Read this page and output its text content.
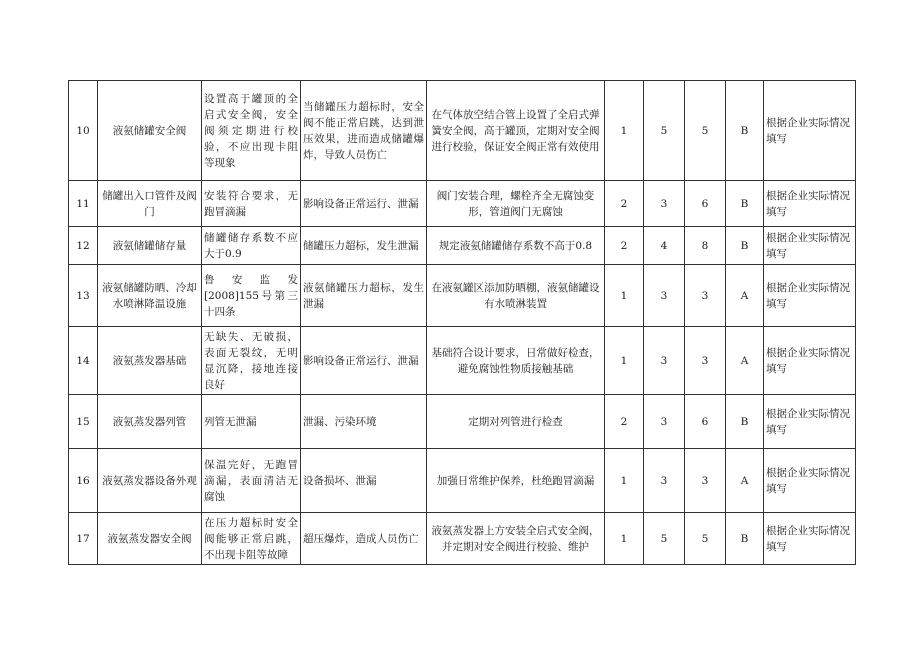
10	液氨储罐安全阀	设置高于罐顶的全启式安全阀，安全阀须定期进行校验，不应出现卡阻等现象	当储罐压力超标时，安全阀不能正常启跳，达到泄压效果，进而造成储罐爆炸，导致人员伤亡	在气体放空结合管上设置了全启式弹簧安全阀，高于罐顶，定期对安全阀进行校验，保证安全阀正常有效使用	1	5	5	B	根据企业实际情况填写
11	储罐出入口管件及阀门	安装符合要求，无跑冒滴漏	影响设备正常运行、泄漏	阀门安装合理，螺栓齐全无腐蚀变形，管道阀门无腐蚀	2	3	6	B	根据企业实际情况填写
12	液氨储罐储存量	储罐储存系数不应大于0.9	储罐压力超标，发生泄漏	规定液氨储罐储存系数不高于0.8	2	4	8	B	根据企业实际情况填写
13	液氨储罐防晒、冷却水喷淋降温设施	鲁安监发[2008]155号第三十四条	液氨储罐压力超标，发生泄漏	在液氨罐区添加防晒棚，液氨储罐设有水喷淋装置	1	3	3	A	根据企业实际情况填写
14	液氨蒸发器基础	无缺失、无破损，表面无裂纹，无明显沉降，接地连接良好	影响设备正常运行、泄漏	基础符合设计要求，日常做好检查，避免腐蚀性物质接触基础	1	3	3	A	根据企业实际情况填写
15	液氨蒸发器列管	列管无泄漏	泄漏、污染环境	定期对列管进行检查	2	3	6	B	根据企业实际情况填写
16	液氨蒸发器设备外观	保温完好，无跑冒滴漏，表面清洁无腐蚀	设备损坏、泄漏	加强日常维护保养，杜绝跑冒滴漏	1	3	3	A	根据企业实际情况填写
17	液氨蒸发器安全阀	在压力超标时安全阀能够正常启跳，不出现卡阻等故障	超压爆炸，造成人员伤亡	液氨蒸发器上方安装全启式安全阀，并定期对安全阀进行校验、维护	1	5	5	B	根据企业实际情况填写
